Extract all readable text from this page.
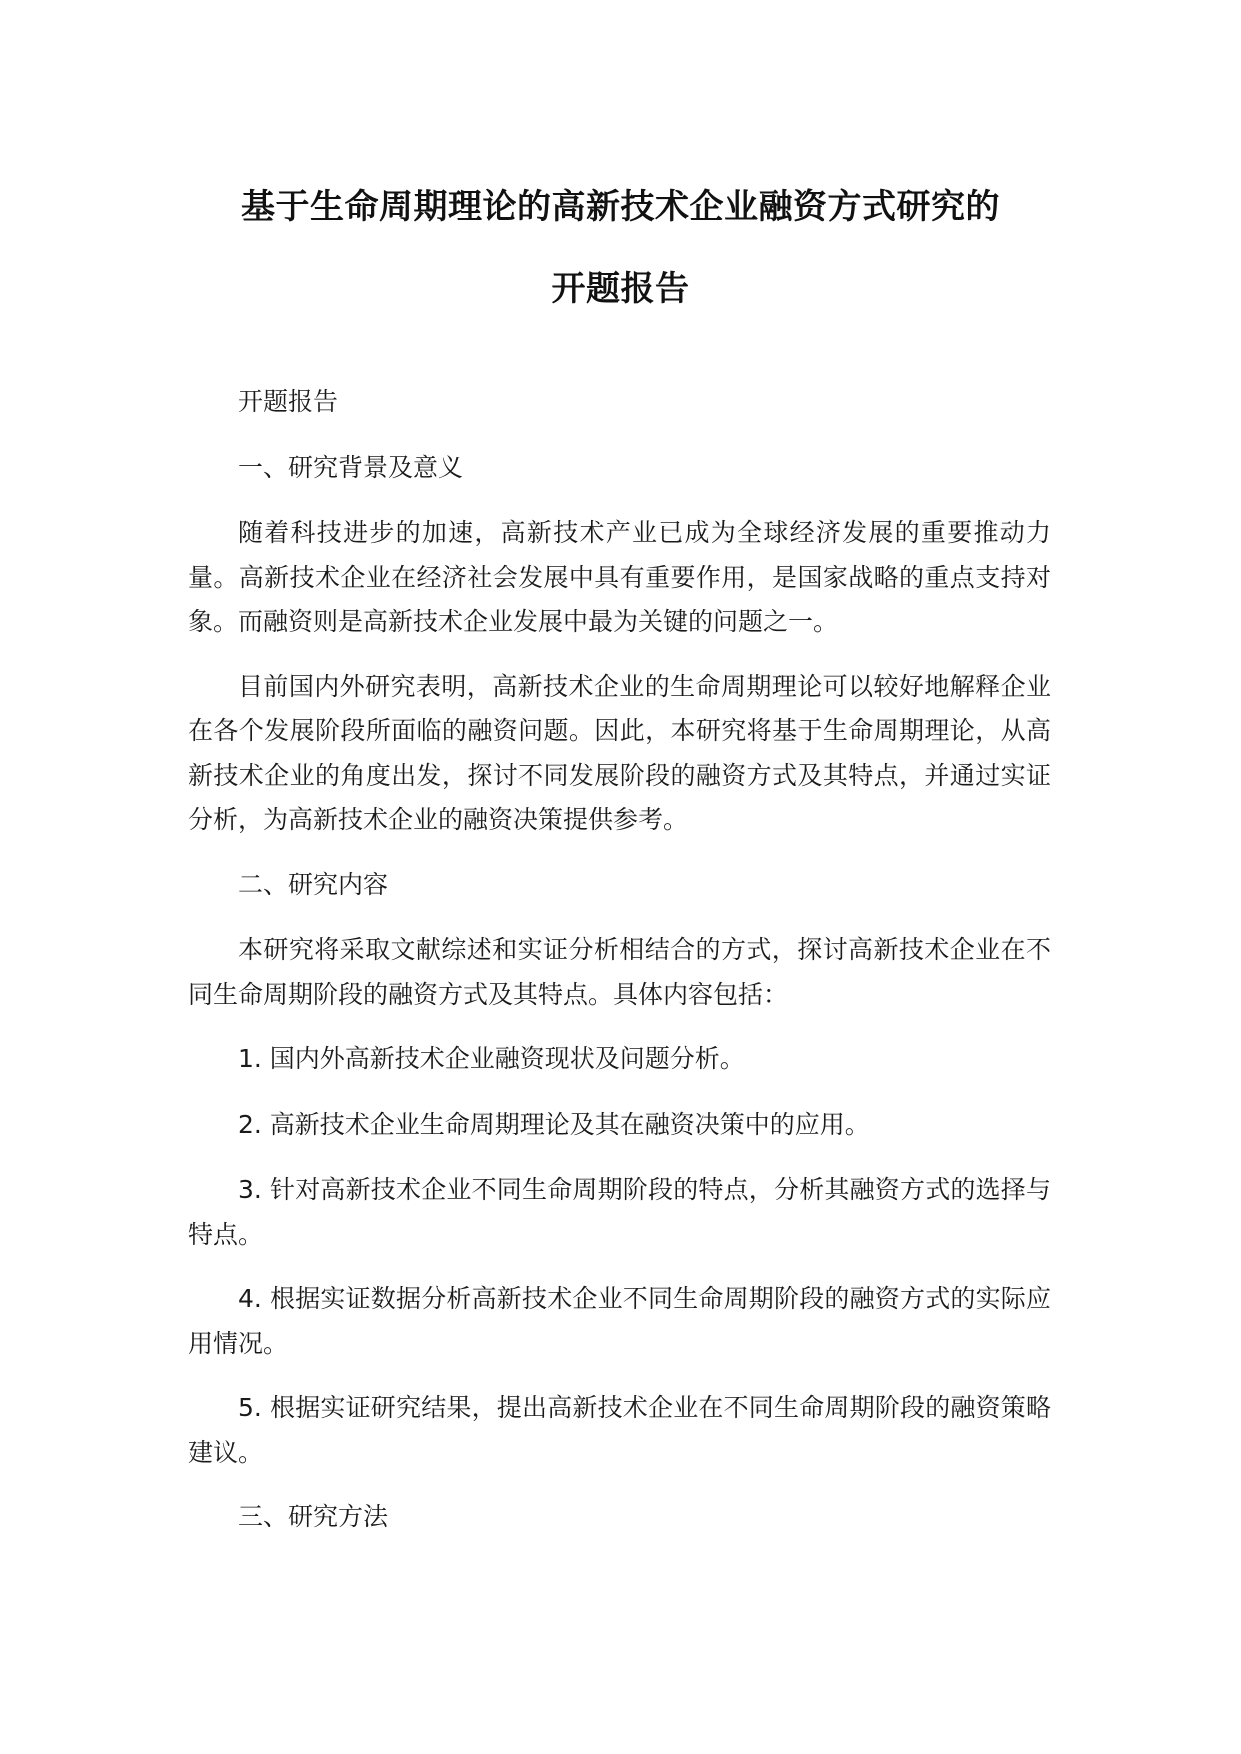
基于生命周期理论的高新技术企业融资方式研究的
开题报告

开题报告

一、研究背景及意义

随着科技进步的加速，高新技术产业已成为全球经济发展的重要推动力量。高新技术企业在经济社会发展中具有重要作用，是国家战略的重点支持对象。而融资则是高新技术企业发展中最为关键的问题之一。

目前国内外研究表明，高新技术企业的生命周期理论可以较好地解释企业在各个发展阶段所面临的融资问题。因此，本研究将基于生命周期理论，从高新技术企业的角度出发，探讨不同发展阶段的融资方式及其特点，并通过实证分析，为高新技术企业的融资决策提供参考。

二、研究内容

本研究将采取文献综述和实证分析相结合的方式，探讨高新技术企业在不同生命周期阶段的融资方式及其特点。具体内容包括：

1. 国内外高新技术企业融资现状及问题分析。

2. 高新技术企业生命周期理论及其在融资决策中的应用。

3. 针对高新技术企业不同生命周期阶段的特点，分析其融资方式的选择与特点。

4. 根据实证数据分析高新技术企业不同生命周期阶段的融资方式的实际应用情况。

5. 根据实证研究结果，提出高新技术企业在不同生命周期阶段的融资策略建议。

三、研究方法
